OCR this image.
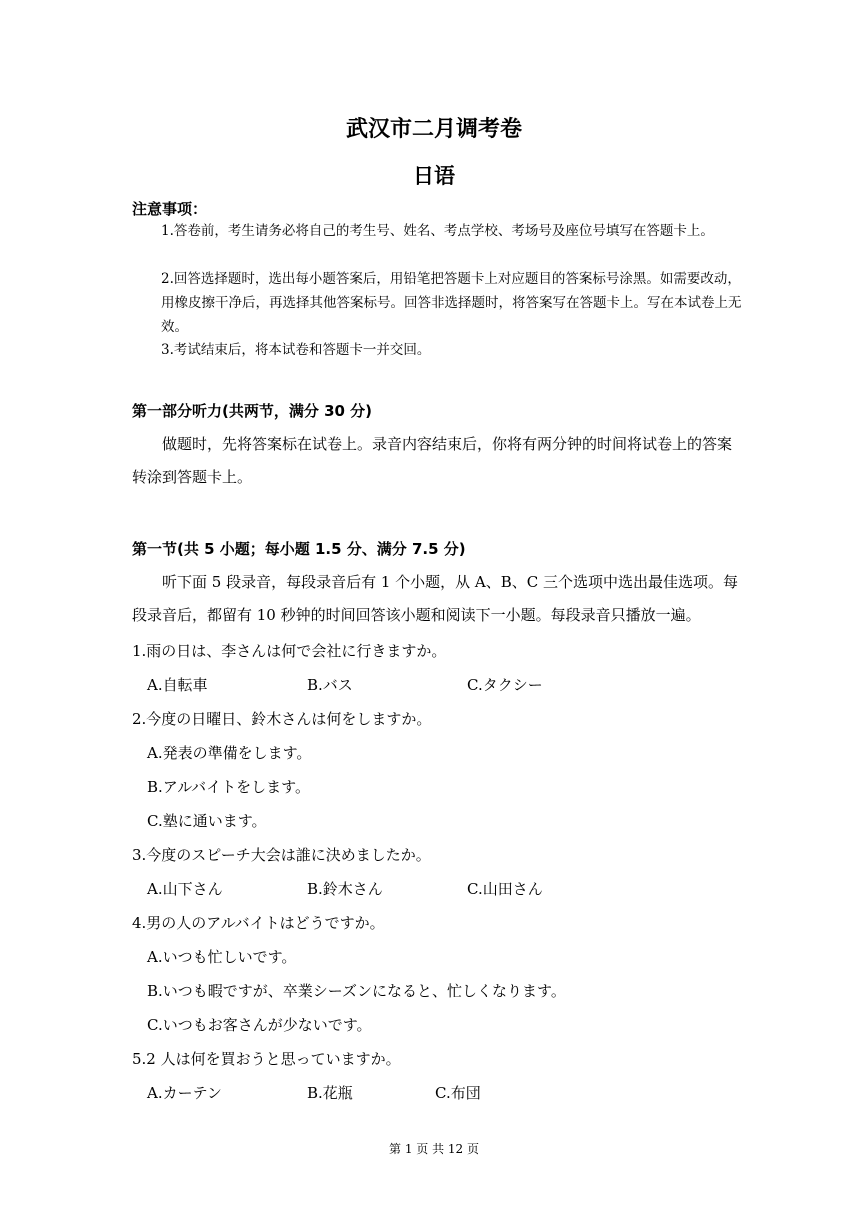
武汉市二月调考卷
日语
注意事项：
1.答卷前，考生请务必将自己的考生号、姓名、考点学校、考场号及座位号填写在答题卡上。
2.回答选择题时，选出每小题答案后，用铅笔把答题卡上对应题目的答案标号涂黑。如需要改动，用橡皮擦干净后，再选择其他答案标号。回答非选择题时，将答案写在答题卡上。写在本试卷上无效。
3.考试结束后，将本试卷和答题卡一并交回。
第一部分听力(共两节，满分 30 分)
做题时，先将答案标在试卷上。录音内容结束后，你将有两分钟的时间将试卷上的答案转涂到答题卡上。
第一节(共 5 小题；每小题 1.5 分、满分 7.5 分)
听下面 5 段录音，每段录音后有 1 个小题，从 A、B、C 三个选项中选出最佳选项。每段录音后，都留有 10 秒钟的时间回答该小题和阅读下一小题。每段录音只播放一遍。
1.雨の日は、李さんは何で会社に行きますか。
A.自転車	B.バス	C.タクシー
2.今度の日曜日、鈴木さんは何をしますか。
A.発表の準備をします。
B.アルバイトをします。
C.塾に通います。
3.今度のスピーチ大会は誰に決めましたか。
A.山下さん	B.鈴木さん	C.山田さん
4.男の人のアルバイトはどうですか。
A.いつも忙しいです。
B.いつも暇ですが、卒業シーズンになると、忙しくなります。
C.いつもお客さんが少ないです。
5.2 人は何を買おうと思っていますか。
A.カーテン	B.花瓶	C.布団
第 1 页 共 12 页
